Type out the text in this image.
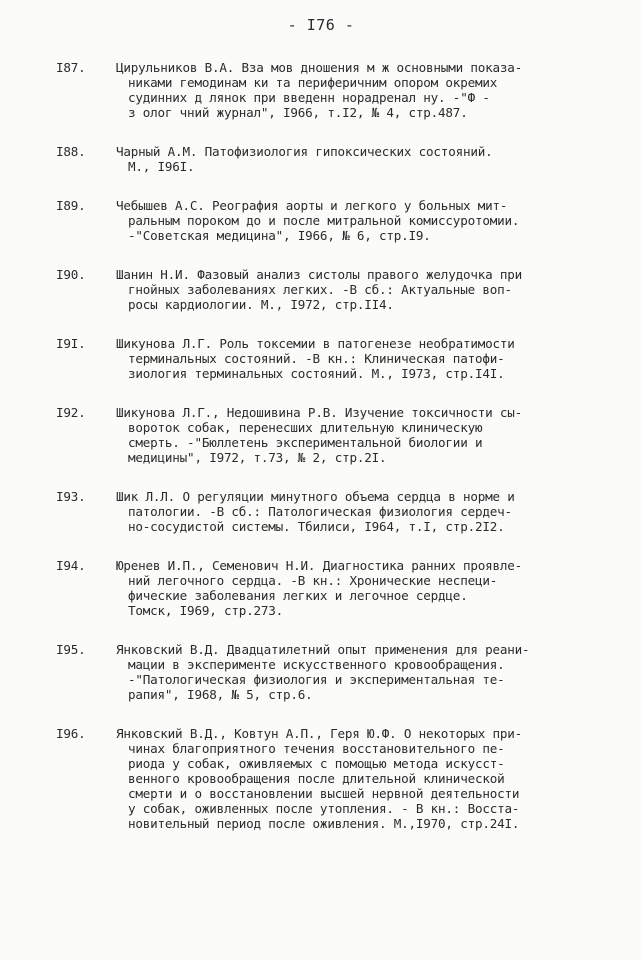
- I76 -
I87.	Цирульников В.А. Вза мов дношения м ж основными показа-
никами гемодинам ки та периферичним опором окремих
судинних д лянок при введенн норадренал ну. -"Ф -
з олог чний журнал", I966, т.I2, № 4, стр.487.
I88.	Чарный А.М. Патофизиология гипоксических состояний.
М., I96I.
I89.	Чебышев А.С. Реография аорты и легкого у больных мит-
ральным пороком до и после митральной комиссуротомии.
-"Советская медицина", I966, № 6, стр.I9.
I90.	Шанин Н.И. Фазовый анализ систолы правого желудочка при
гнойных заболеваниях легких. -В сб.: Актуальные воп-
росы кардиологии. М., I972, стр.II4.
I9I.	Шикунова Л.Г. Роль токсемии в патогенезе необратимости
терминальных состояний. -В кн.: Клиническая патофи-
зиология терминальных состояний. М., I973, стр.I4I.
I92.	Шикунова Л.Г., Недошивина Р.В. Изучение токсичности сы-
вороток собак, перенесших длительную клиническую
смерть. -"Бюллетень экспериментальной биологии и
медицины", I972, т.73, № 2, стр.2I.
I93.	Шик Л.Л. О регуляции минутного объема сердца в норме и
патологии. -В сб.: Патологическая физиология сердеч-
но-сосудистой системы. Тбилиси, I964, т.I, стр.2I2.
I94.	Юренев И.П., Семенович Н.И. Диагностика ранних проявле-
ний легочного сердца. -В кн.: Хронические неспеци-
фические заболевания легких и легочное сердце.
Томск, I969, стр.273.
I95.	Янковский В.Д. Двадцатилетний опыт применения для реани-
мации в эксперименте искусственного кровообращения.
-"Патологическая физиология и экспериментальная те-
рапия", I968, № 5, стр.6.
I96.	Янковский В.Д., Ковтун А.П., Геря Ю.Ф. О некоторых при-
чинах благоприятного течения восстановительного пе-
риода у собак, оживляемых с помощью метода искусст-
венного кровообращения после длительной клинической
смерти и о восстановлении высшей нервной деятельности
у собак, оживленных после утопления. - В кн.: Восста-
новительный период после оживления. М.,I970, стр.24I.
